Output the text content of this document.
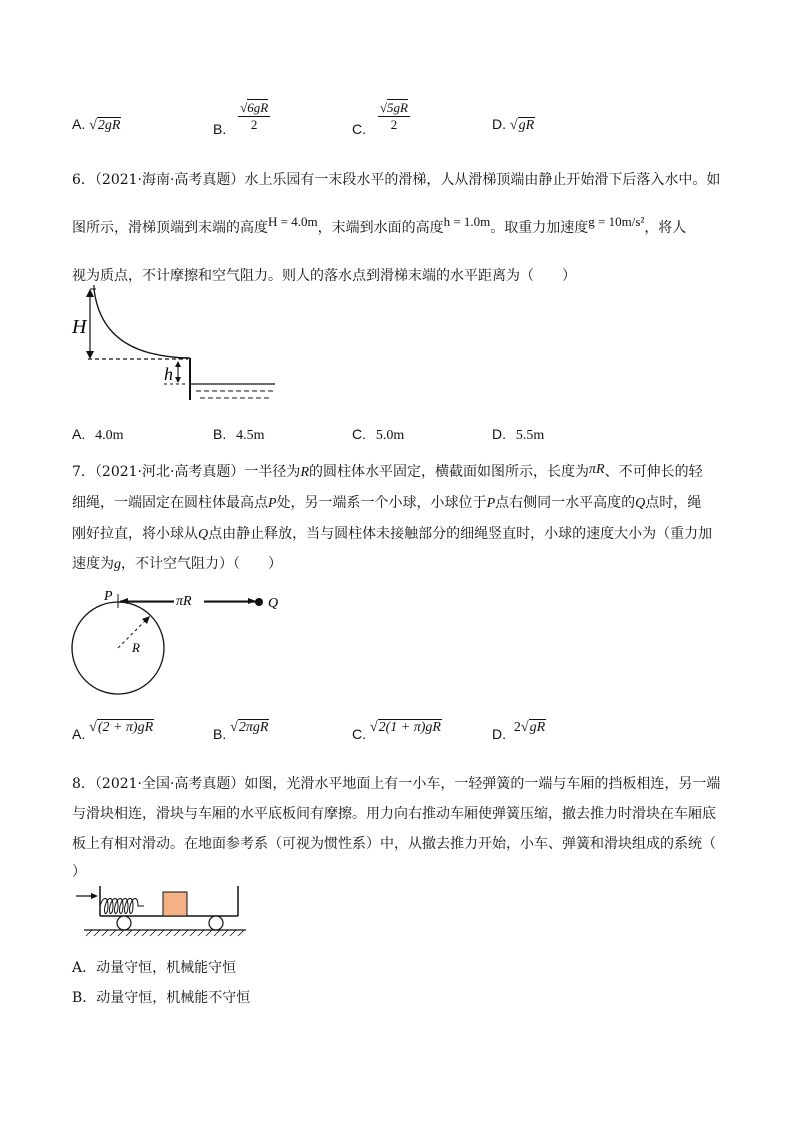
A. √2gR	B. $\frac{√6gR}{2}$	C. $\frac{√5gR}{2}$	D. √gR
6．（2021·海南·高考真题）水上乐园有一末段水平的滑梯，人从滑梯顶端由静止开始滑下后落入水中。如
图所示，滑梯顶端到末端的高度H = 4.0m，末端到水面的高度h = 1.0m。取重力加速度g = 10m/s²，将人
视为质点，不计摩擦和空气阻力。则人的落水点到滑梯末端的水平距离为（　　）
H
h
A. 4.0m	B. 4.5m	C. 5.0m	D. 5.5m
7．（2021·河北·高考真题）一半径为R的圆柱体水平固定，横截面如图所示，长度为πR、不可伸长的轻
细绳，一端固定在圆柱体最高点P处，另一端系一个小球，小球位于P点右侧同一水平高度的Q点时，绳
刚好拉直，将小球从Q点由静止释放，当与圆柱体未接触部分的细绳竖直时，小球的速度大小为（重力加
速度为g，不计空气阻力）（　　）
πR
P	Q
R
A. √(2 + π)gR	B. √2πgR	C. √2(1 + π)gR	D. 2√gR
8．（2021·全国·高考真题）如图，光滑水平地面上有一小车，一轻弹簧的一端与车厢的挡板相连，另一端
与滑块相连，滑块与车厢的水平底板间有摩擦。用力向右推动车厢使弹簧压缩，撤去推力时滑块在车厢底
板上有相对滑动。在地面参考系（可视为惯性系）中，从撤去推力开始，小车、弹簧和滑块组成的系统（
）
A．动量守恒，机械能守恒
B．动量守恒，机械能不守恒
